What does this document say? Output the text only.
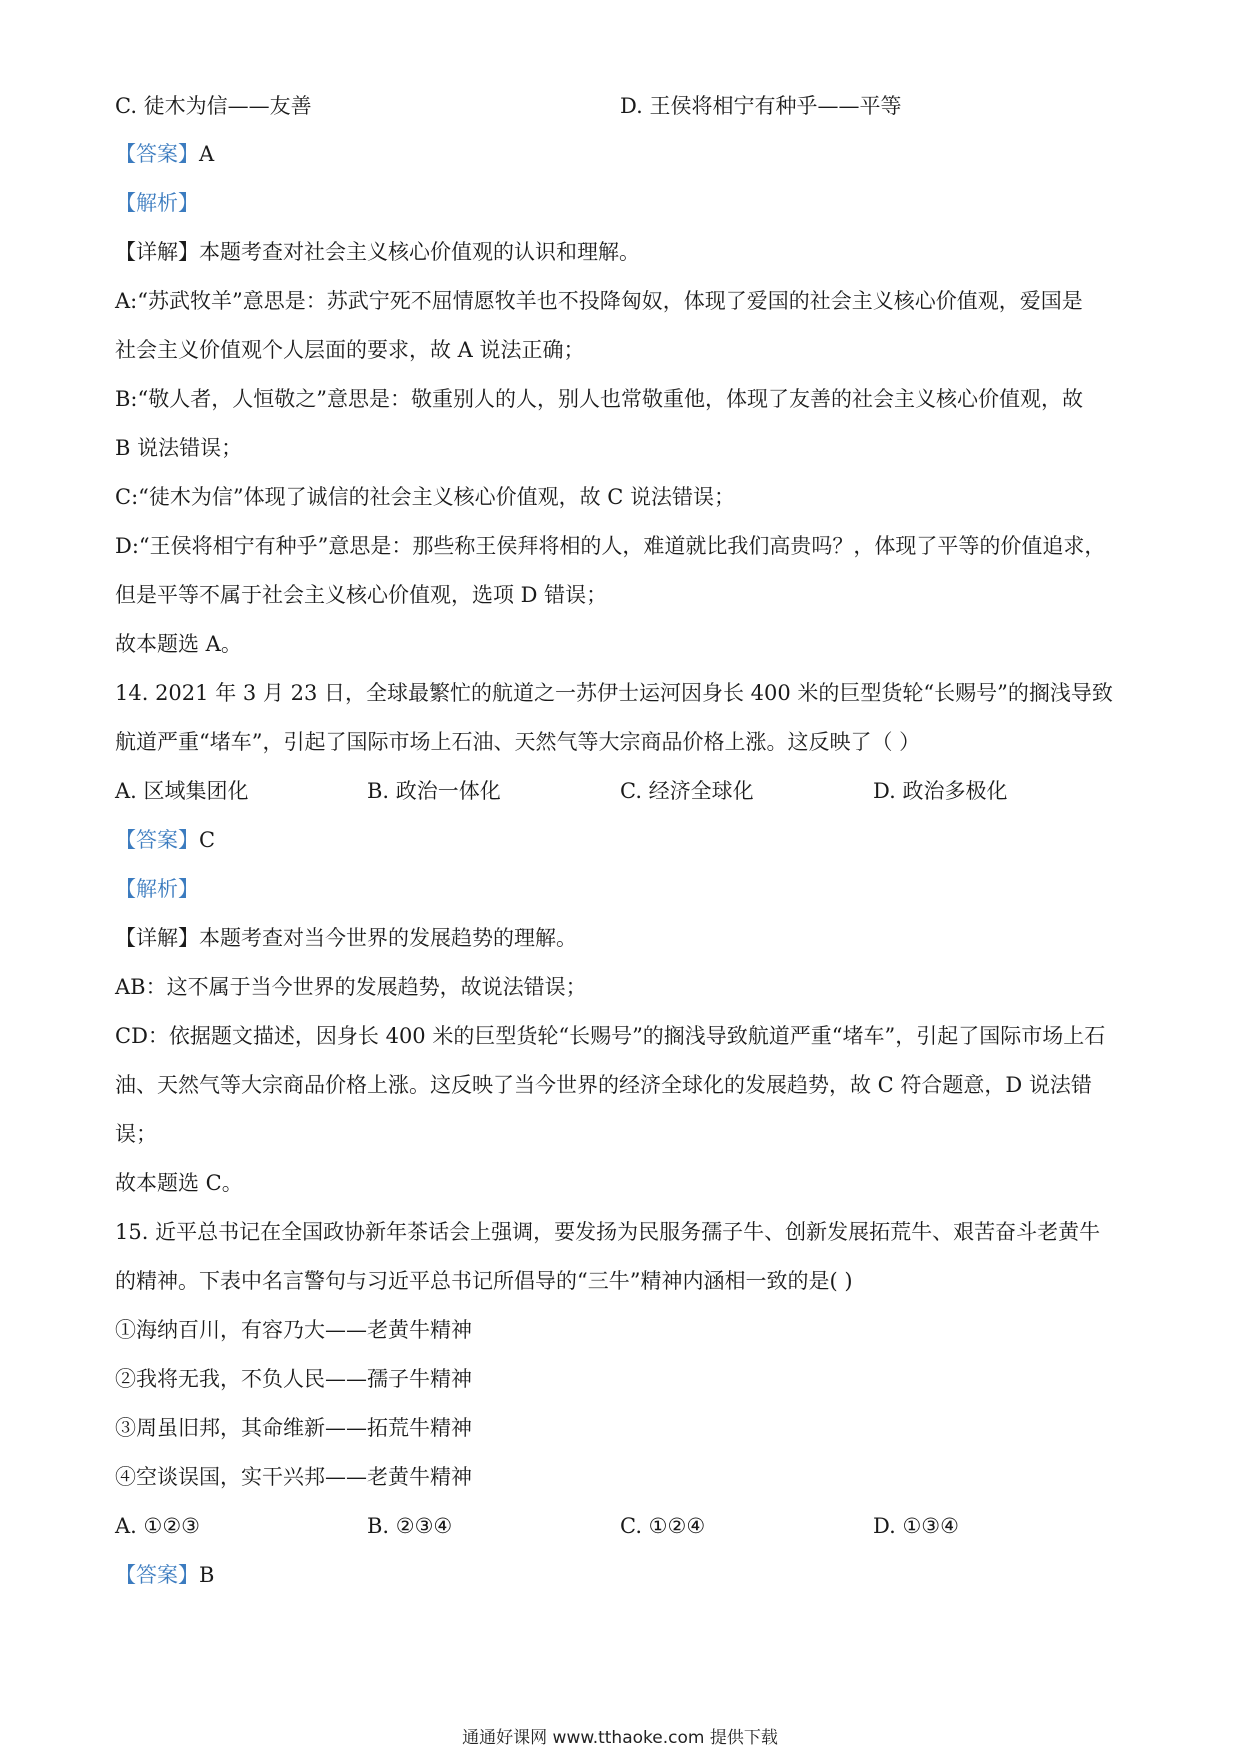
C. 徒木为信——友善	D. 王侯将相宁有种乎——平等
【答案】A
【解析】
【详解】本题考查对社会主义核心价值观的认识和理解。
A:“苏武牧羊”意思是：苏武宁死不屈情愿牧羊也不投降匈奴，体现了爱国的社会主义核心价值观，爱国是
社会主义价值观个人层面的要求，故 A 说法正确；
B:“敬人者，人恒敬之”意思是：敬重别人的人，别人也常敬重他，体现了友善的社会主义核心价值观，故
B 说法错误；
C:“徒木为信”体现了诚信的社会主义核心价值观，故 C 说法错误；
D:“王侯将相宁有种乎”意思是：那些称王侯拜将相的人，难道就比我们高贵吗？，体现了平等的价值追求，
但是平等不属于社会主义核心价值观，选项 D 错误；
故本题选 A。
14. 2021 年 3 月 23 日，全球最繁忙的航道之一苏伊士运河因身长 400 米的巨型货轮“长赐号”的搁浅导致
航道严重“堵车”，引起了国际市场上石油、天然气等大宗商品价格上涨。这反映了（ ）
A. 区域集团化	B. 政治一体化	C. 经济全球化	D. 政治多极化
【答案】C
【解析】
【详解】本题考查对当今世界的发展趋势的理解。
AB：这不属于当今世界的发展趋势，故说法错误；
CD：依据题文描述，因身长 400 米的巨型货轮“长赐号”的搁浅导致航道严重“堵车”，引起了国际市场上石
油、天然气等大宗商品价格上涨。这反映了当今世界的经济全球化的发展趋势，故 C 符合题意，D 说法错
误；
故本题选 C。
15. 近平总书记在全国政协新年茶话会上强调，要发扬为民服务孺子牛、创新发展拓荒牛、艰苦奋斗老黄牛
的精神。下表中名言警句与习近平总书记所倡导的“三牛”精神内涵相一致的是( )
①海纳百川，有容乃大——老黄牛精神
②我将无我，不负人民——孺子牛精神
③周虽旧邦，其命维新——拓荒牛精神
④空谈误国，实干兴邦——老黄牛精神
A. ①②③	B. ②③④	C. ①②④	D. ①③④
【答案】B
通通好课网 www.tthaoke.com 提供下载
